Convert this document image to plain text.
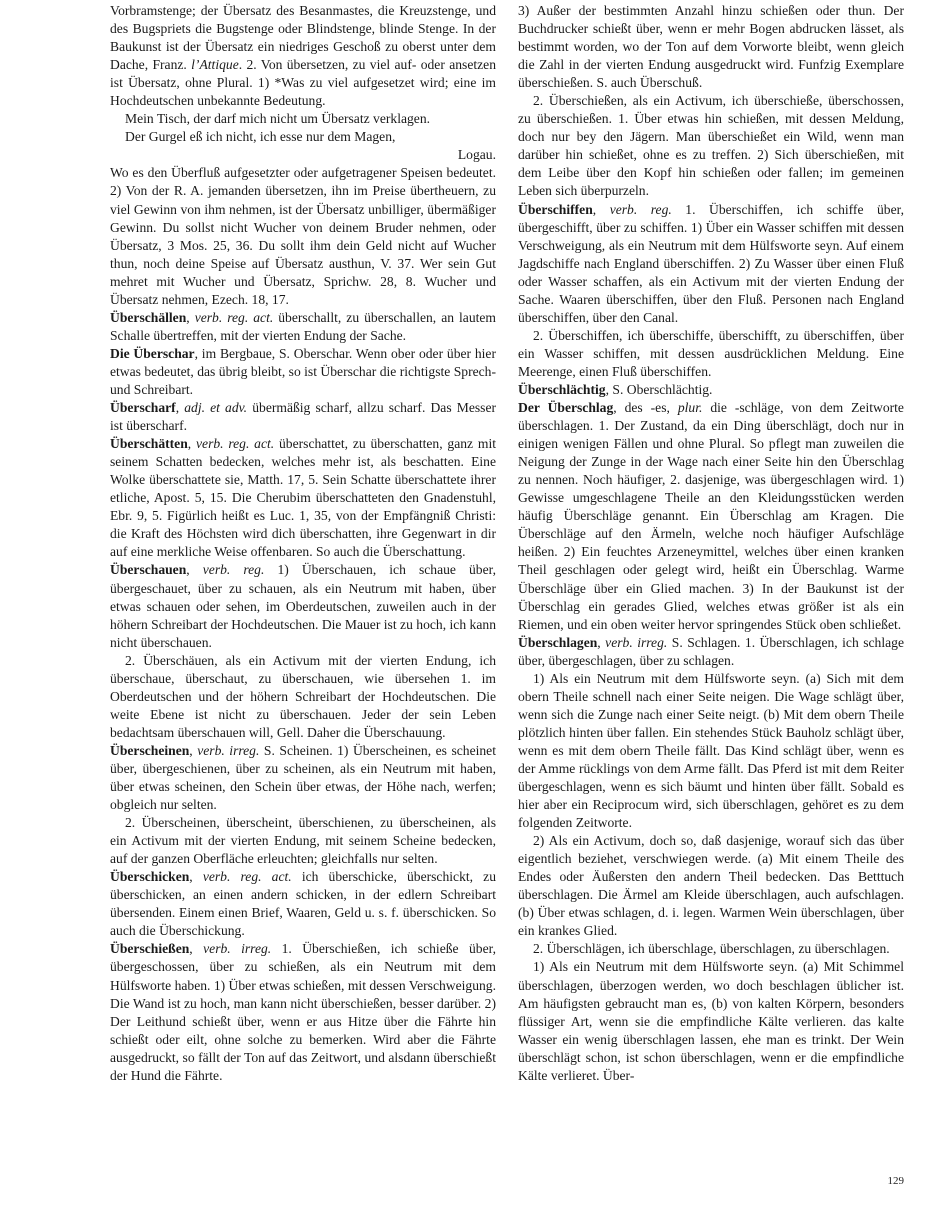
Vorbramstenge; der Übersatz des Besanmastes, die Kreuzstenge, und des Bugspriets die Bugstenge oder Blindstenge, blinde Stenge. In der Baukunst ist der Übersatz ein niedriges Geschoß zu oberst unter dem Dache, Franz. l’Attique. 2. Von übersetzen, zu viel auf- oder ansetzen ist Übersatz, ohne Plural. 1) *Was zu viel aufgesetzet wird; eine im Hochdeutschen unbekannte Bedeutung.

Mein Tisch, der darf mich nicht um Übersatz verklagen.

Der Gurgel eß ich nicht, ich esse nur dem Magen,

Logau.

Wo es den Überfluß aufgesetzter oder aufgetragener Speisen bedeutet. 2) Von der R. A. jemanden übersetzen, ihn im Preise übertheuern, zu viel Gewinn von ihm nehmen, ist der Übersatz unbilliger, übermäßiger Gewinn. Du sollst nicht Wucher von deinem Bruder nehmen, oder Übersatz, 3 Mos. 25, 36. Du sollt ihm dein Geld nicht auf Wucher thun, noch deine Speise auf Übersatz austhun, V. 37. Wer sein Gut mehret mit Wucher und Übersatz, Sprichw. 28, 8. Wucher und Übersatz nehmen, Ezech. 18, 17.

Überschällen, verb. reg. act. überschallt, zu überschallen, an lautem Schalle übertreffen, mit der vierten Endung der Sache.

Die Überschar, im Bergbaue, S. Oberschar. Wenn ober oder über hier etwas bedeutet, das übrig bleibt, so ist Überschar die richtigste Sprech- und Schreibart.

Überscharf, adj. et adv. übermäßig scharf, allzu scharf. Das Messer ist überscharf.

Überschätten, verb. reg. act. überschattet, zu überschatten, ganz mit seinem Schatten bedecken, welches mehr ist, als beschatten. Eine Wolke überschattete sie, Matth. 17, 5. Sein Schatte überschattete ihrer etliche, Apost. 5, 15. Die Cherubim überschatteten den Gnadenstuhl, Ebr. 9, 5. Figürlich heißt es Luc. 1, 35, von der Empfängniß Christi: die Kraft des Höchsten wird dich überschatten, ihre Gegenwart in dir auf eine merkliche Weise offenbaren. So auch die Überschattung.

Überschauen, verb. reg. 1) Überschauen, ich schaue über, übergeschauet, über zu schauen, als ein Neutrum mit haben, über etwas schauen oder sehen, im Oberdeutschen, zuweilen auch in der höhern Schreibart der Hochdeutschen. Die Mauer ist zu hoch, ich kann nicht überschauen.

2. Überschäuen, als ein Activum mit der vierten Endung, ich überschaue, überschaut, zu überschauen, wie übersehen 1. im Oberdeutschen und der höhern Schreibart der Hochdeutschen. Die weite Ebene ist nicht zu überschauen. Jeder der sein Leben bedachtsam überschauen will, Gell. Daher die Überschauung.

Überscheinen, verb. irreg. S. Scheinen. 1) Überscheinen, es scheinet über, übergeschienen, über zu scheinen, als ein Neutrum mit haben, über etwas scheinen, den Schein über etwas, der Höhe nach, werfen; obgleich nur selten.

2. Überscheinen, überscheint, überschienen, zu überscheinen, als ein Activum mit der vierten Endung, mit seinem Scheine bedecken, auf der ganzen Oberfläche erleuchten; gleichfalls nur selten.

Überschicken, verb. reg. act. ich überschicke, überschickt, zu überschicken, an einen andern schicken, in der edlern Schreibart übersenden. Einem einen Brief, Waaren, Geld u. s. f. überschicken. So auch die Überschickung.

Überschießen, verb. irreg. 1. Überschießen, ich schieße über, übergeschossen, über zu schießen, als ein Neutrum mit dem Hülfsworte haben. 1) Über etwas schießen, mit dessen Verschweigung. Die Wand ist zu hoch, man kann nicht überschießen, besser darüber. 2) Der Leithund schießt über, wenn er aus Hitze über die Fährte hin schießt oder eilt, ohne solche zu bemerken. Wird aber die Fährte ausgedruckt, so fällt der Ton auf das Zeitwort, und alsdann überschießt der Hund die Fährte.

3) Außer der bestimmten Anzahl hinzu schießen oder thun. Der Buchdrucker schießt über, wenn er mehr Bogen abdrucken lässet, als bestimmt worden, wo der Ton auf dem Vorworte bleibt, wenn gleich die Zahl in der vierten Endung ausgedruckt wird. Funfzig Exemplare überschießen. S. auch Überschuß.

2. Überschießen, als ein Activum, ich überschieße, überschossen, zu überschießen. 1. Über etwas hin schießen, mit dessen Meldung, doch nur bey den Jägern. Man überschießet ein Wild, wenn man darüber hin schießet, ohne es zu treffen. 2) Sich überschießen, mit dem Leibe über den Kopf hin schießen oder fallen; im gemeinen Leben sich überpurzeln.

Überschiffen, verb. reg. 1. Überschiffen, ich schiffe über, übergeschifft, über zu schiffen. 1) Über ein Wasser schiffen mit dessen Verschweigung, als ein Neutrum mit dem Hülfsworte seyn. Auf einem Jagdschiffe nach England überschiffen. 2) Zu Wasser über einen Fluß oder Wasser schaffen, als ein Activum mit der vierten Endung der Sache. Waaren überschiffen, über den Fluß. Personen nach England überschiffen, über den Canal.

2. Überschiffen, ich überschiffe, überschifft, zu überschiffen, über ein Wasser schiffen, mit dessen ausdrücklichen Meldung. Eine Meerenge, einen Fluß überschiffen.

Überschlächtig, S. Oberschlächtig.

Der Überschlag, des -es, plur. die -schläge, von dem Zeitworte überschlagen. 1. Der Zustand, da ein Ding überschlägt, doch nur in einigen wenigen Fällen und ohne Plural. So pflegt man zuweilen die Neigung der Zunge in der Wage nach einer Seite hin den Überschlag zu nennen. Noch häufiger, 2. dasjenige, was übergeschlagen wird. 1) Gewisse umgeschlagene Theile an den Kleidungsstücken werden häufig Überschläge genannt. Ein Überschlag am Kragen. Die Überschläge auf den Ärmeln, welche noch häufiger Aufschläge heißen. 2) Ein feuchtes Arzeneymittel, welches über einen kranken Theil geschlagen oder gelegt wird, heißt ein Überschlag. Warme Überschläge über ein Glied machen. 3) In der Baukunst ist der Überschlag ein gerades Glied, welches etwas größer ist als ein Riemen, und ein oben weiter hervor springendes Stück oben schließet.

Überschlagen, verb. irreg. S. Schlagen. 1. Überschlagen, ich schlage über, übergeschlagen, über zu schlagen.

1) Als ein Neutrum mit dem Hülfsworte seyn. (a) Sich mit dem obern Theile schnell nach einer Seite neigen. Die Wage schlägt über, wenn sich die Zunge nach einer Seite neigt. (b) Mit dem obern Theile plötzlich hinten über fallen. Ein stehendes Stück Bauholz schlägt über, wenn es mit dem obern Theile fällt. Das Kind schlägt über, wenn es der Amme rücklings von dem Arme fällt. Das Pferd ist mit dem Reiter übergeschlagen, wenn es sich bäumt und hinten über fällt. Sobald es hier aber ein Reciprocum wird, sich überschlagen, gehöret es zu dem folgenden Zeitworte.

2) Als ein Activum, doch so, daß dasjenige, worauf sich das über eigentlich beziehet, verschwiegen werde. (a) Mit einem Theile des Endes oder Äußersten den andern Theil bedecken. Das Betttuch überschlagen. Die Ärmel am Kleide überschlagen, auch aufschlagen. (b) Über etwas schlagen, d. i. legen. Warmen Wein überschlagen, über ein krankes Glied.

2. Überschlägen, ich überschlage, überschlagen, zu überschlagen.

1) Als ein Neutrum mit dem Hülfsworte seyn. (a) Mit Schimmel überschlagen, überzogen werden, wo doch beschlagen üblicher ist. Am häufigsten gebraucht man es, (b) von kalten Körpern, besonders flüssiger Art, wenn sie die empfindliche Kälte verlieren. das kalte Wasser ein wenig überschlagen lassen, ehe man es trinkt. Der Wein überschlägt schon, ist schon überschlagen, wenn er die empfindliche Kälte verlieret. Über-

129
